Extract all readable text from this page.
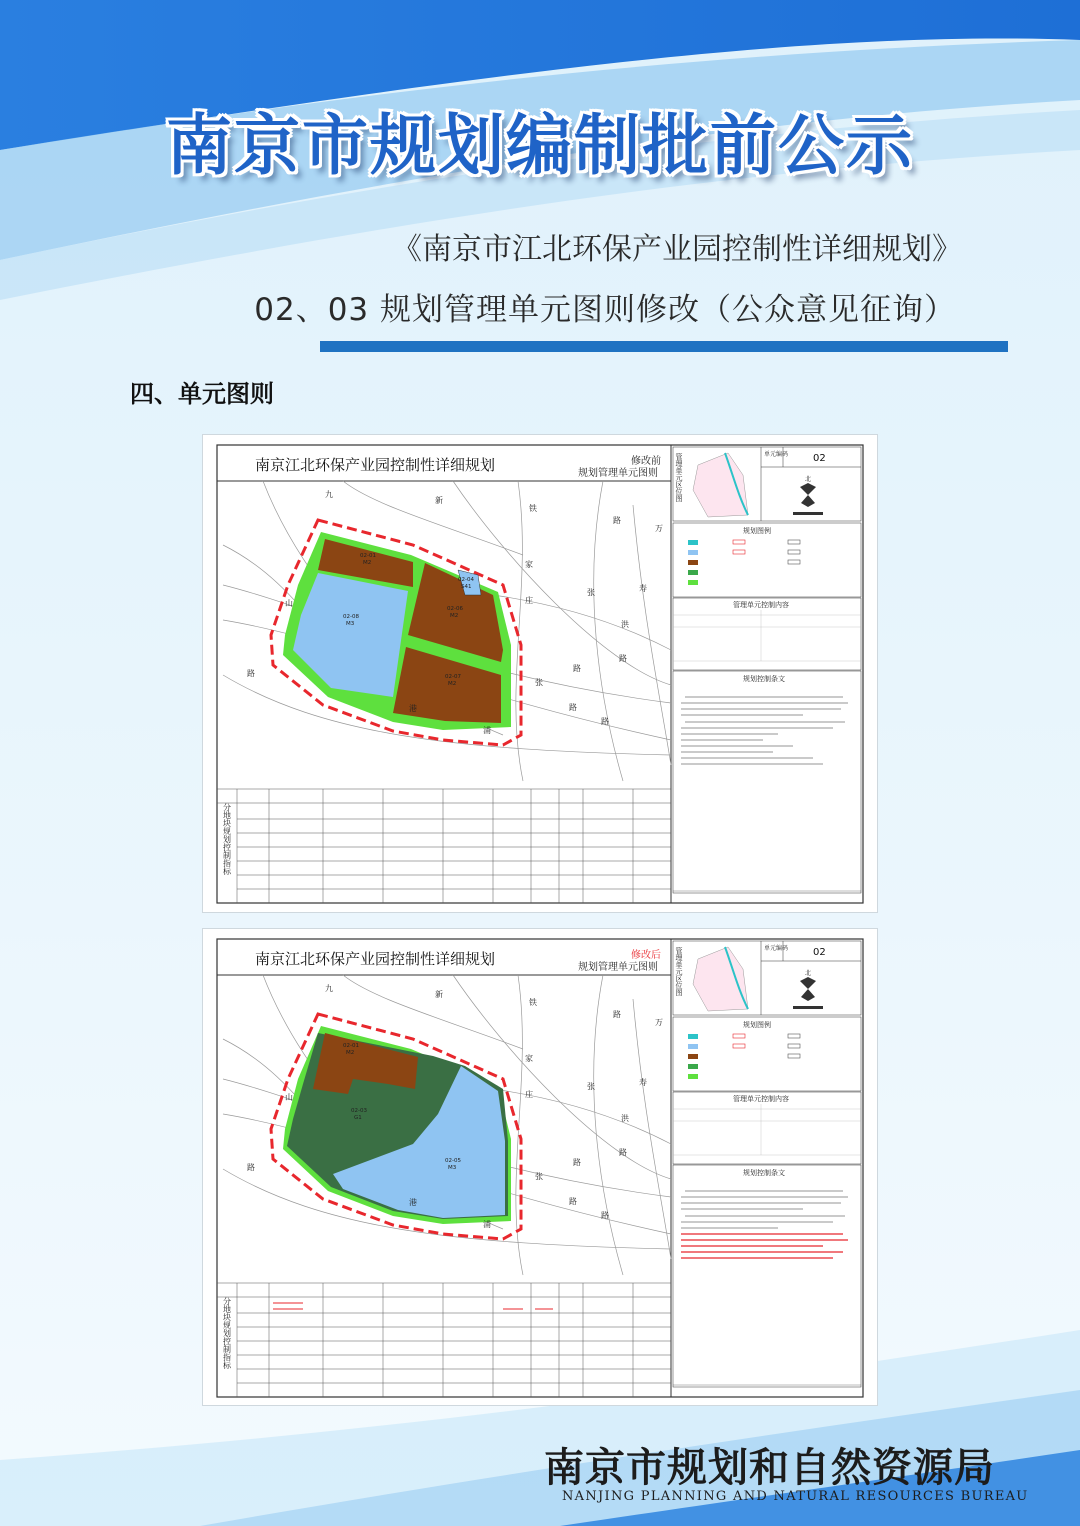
南京市规划编制批前公示
《南京市江北环保产业园控制性详细规划》
02、03 规划管理单元图则修改（公众意见征询）
四、单元图则
南京江北环保产业园控制性详细规划	修改前
规划管理单元图则
02-01
M2
02-08
M3
02-06
M2
02-07
M2
02-04
S41
九
新
铁
路
万
家
庄
张	寿
洪
路
路
山
路
港
浦
路
路
张
分地块规划控制指标
管理单元区位图	单元编码 02
北
规划图例
管理单元控制内容
规划控制条文
南京江北环保产业园控制性详细规划	修改后
规划管理单元图则
02-01
M2
02-03
G1
02-05
M3
九
新
铁
路
万
家
庄
张	寿
洪
路
路
山
路
港
浦
路
路
张
分地块规划控制指标
管理单元区位图	单元编码 02
北
规划图例
管理单元控制内容
规划控制条文
南京市规划和自然资源局
NANJING PLANNING AND NATURAL RESOURCES BUREAU
